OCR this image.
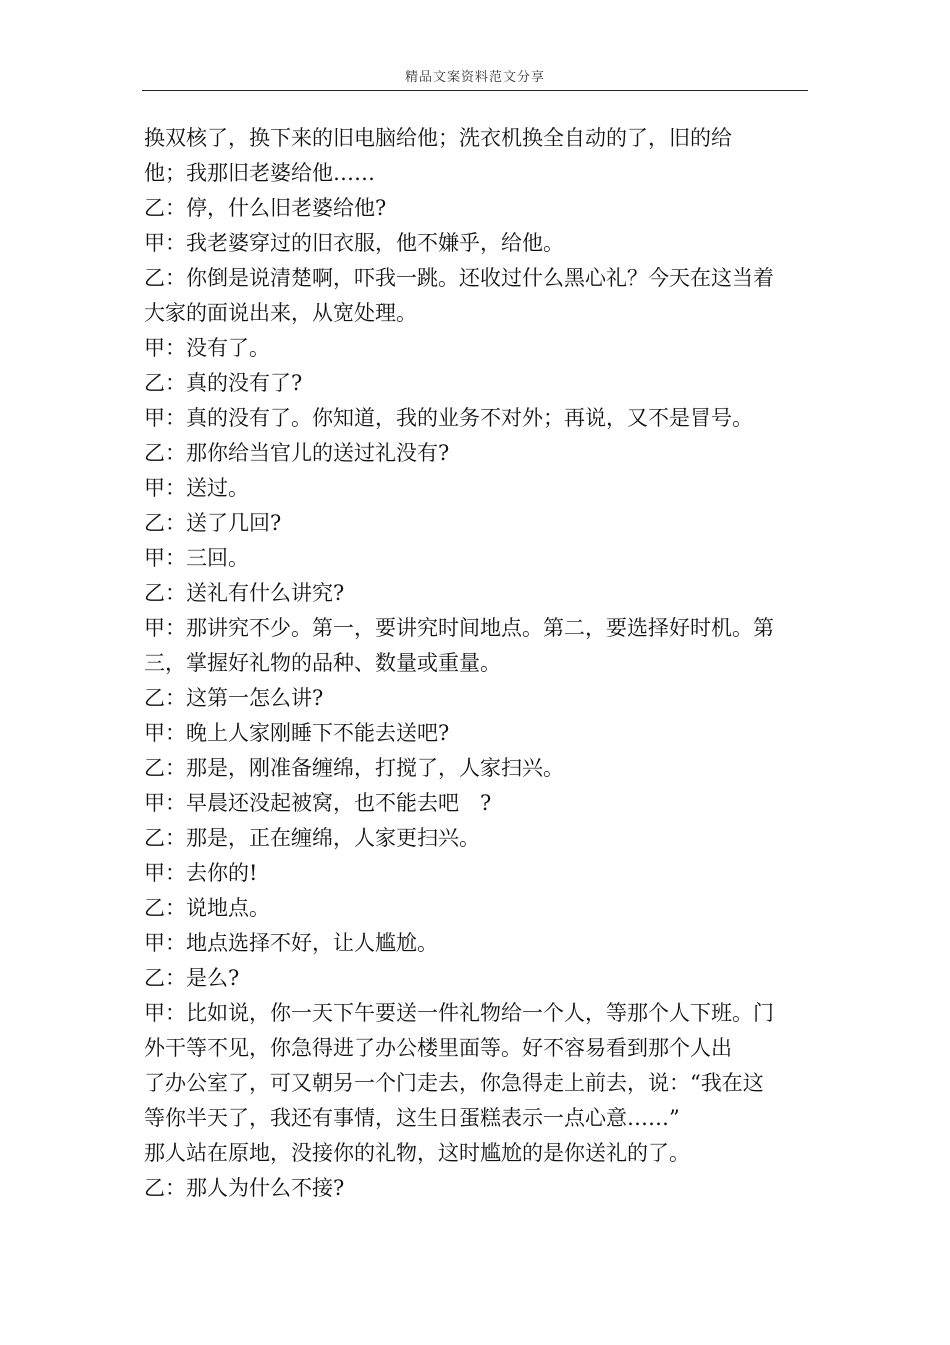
精品文案资料范文分享
换双核了，换下来的旧电脑给他；洗衣机换全自动的了，旧的给
他；我那旧老婆给他……
乙：停，什么旧老婆给他?
甲：我老婆穿过的旧衣服，他不嫌乎，给他。
乙：你倒是说清楚啊，吓我一跳。还收过什么黑心礼？今天在这当着
大家的面说出来，从宽处理。
甲：没有了。
乙：真的没有了?
甲：真的没有了。你知道，我的业务不对外；再说，又不是冒号。
乙：那你给当官儿的送过礼没有?
甲：送过。
乙：送了几回?
甲：三回。
乙：送礼有什么讲究?
甲：那讲究不少。第一，要讲究时间地点。第二，要选择好时机。第
三，掌握好礼物的品种、数量或重量。
乙：这第一怎么讲?
甲：晚上人家刚睡下不能去送吧?
乙：那是，刚准备缠绵，打搅了，人家扫兴。
甲：早晨还没起被窝，也不能去吧　?
乙：那是，正在缠绵，人家更扫兴。
甲：去你的!
乙：说地点。
甲：地点选择不好，让人尴尬。
乙：是么?
甲：比如说，你一天下午要送一件礼物给一个人，等那个人下班。门
外干等不见，你急得进了办公楼里面等。好不容易看到那个人出
了办公室了，可又朝另一个门走去，你急得走上前去，说：“我在这
等你半天了，我还有事情，这生日蛋糕表示一点心意……”
那人站在原地，没接你的礼物，这时尴尬的是你送礼的了。
乙：那人为什么不接?
